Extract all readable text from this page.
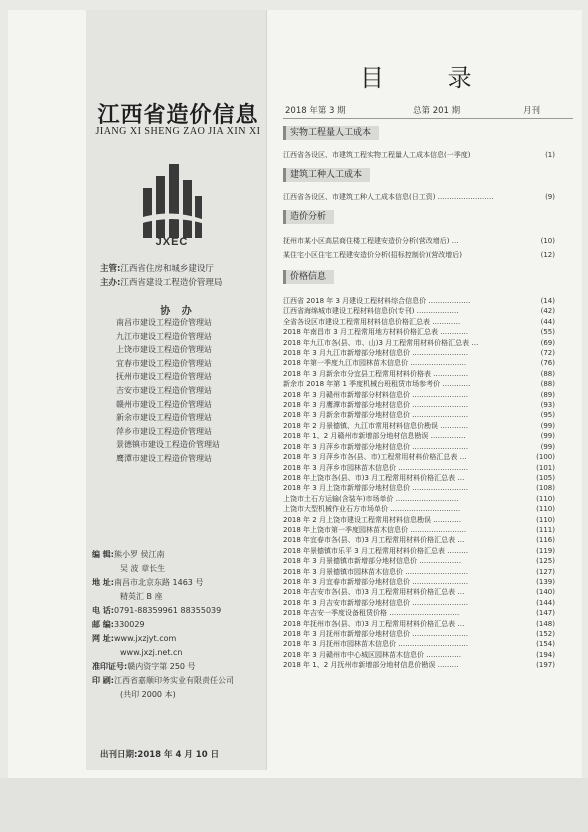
江西省造价信息
JIANG XI SHENG ZAO JIA XIN XI
JXEC
主管:江西省住房和城乡建设厅
主办:江西省建设工程造价管理局
协 办
南昌市建设工程造价管理站
九江市建设工程造价管理站
上饶市建设工程造价管理站
宜春市建设工程造价管理站
抚州市建设工程造价管理站
吉安市建设工程造价管理站
赣州市建设工程造价管理站
新余市建设工程造价管理站
萍乡市建设工程造价管理站
景德镇市建设工程造价管理站
鹰潭市建设工程造价管理站
编 辑:熊小罗 侯江南
吴 波 章长生
地 址:南昌市北京东路 1463 号
精英汇 B 座
电 话:0791-88359961 88355039
邮 编:330029
网 址:www.jxzjyt.com
www.jxzj.net.cn
准印证号:赣内资字第 250 号
印 刷:江西省嘉顺印务实业有限责任公司
(共印 2000 本)
出刊日期:2018 年 4 月 10 日
目 录
2018 年第 3 期	总第 201 期	月刊
实物工程量人工成本
江西省各设区、市建筑工程实物工程量人工成本信息(一季度)	(1)
建筑工种人工成本
江西省各设区、市建筑工种人工成本信息(日工资) ……………………	(9)
造价分析
抚州市某小区高层商住楼工程建安造价分析(营改增后) …	(10)
某住宅小区住宅工程建安造价分析(招标控制价)(营改增后)	(12)
价格信息
江西省 2018 年 3 月建设工程材料综合信息价 ………………	(14)
江西省海绵城市建设工程材料信息价(专刊) ………………	(42)
全省各设区市建设工程常用材料信息价格汇总表 …………	(44)
2018 年南昌市 3 月工程常用地方材料价格汇总表 …………	(55)
2018 年九江市各(县、市、山)3 月工程常用材料价格汇总表 …	(69)
2018 年 3 月九江市新增部分地材信息价 ……………………	(72)
2018 年第一季度九江市园林苗木信息价 ……………………	(76)
2018 年 3 月新余市分宜县工程常用材料价格表 ……………	(88)
新余市 2018 年第 1 季度机械台班租赁市场参考价 …………	(88)
2018 年 3 月赣州市新增部分材料信息价 ……………………	(89)
2018 年 3 月鹰潭市新增部分地材信息价 ……………………	(93)
2018 年 3 月新余市新增部分地材信息价 ……………………	(95)
2018 年 2 月景德镇、九江市常用材料信息价勘误 …………	(99)
2018 年 1、2 月赣州市新增部分地材信息勘误 ……………	(99)
2018 年 3 月萍乡市新增部分地材信息价 ……………………	(99)
2018 年 3 月萍乡市各(县、市)工程常用材料价格汇总表 …	(100)
2018 年 3 月萍乡市园林苗木信息价 …………………………	(101)
2018 年上饶市各(县、市)3 月工程常用材料价格汇总表 …	(105)
2018 年 3 月上饶市新增部分地材信息价 ……………………	(108)
上饶市土石方运输(含装车)市场单价 ………………………	(110)
上饶市大型机械作业石方市场单价 …………………………	(110)
2018 年 2 月上饶市建设工程常用材料信息勘误 …………	(110)
2018 年上饶市第一季度园林苗木信息价 ……………………	(111)
2018 年宜春市各(县、市)3 月工程常用材料价格汇总表 …	(116)
2018 年景德镇市乐平 3 月工程常用材料价格汇总表 ………	(119)
2018 年 3 月景德镇市新增部分地材信息价 ………………	(125)
2018 年 3 月景德镇市园林苗木信息价 ………………………	(127)
2018 年 3 月宜春市新增部分地材信息价 ……………………	(139)
2018 年吉安市各(县、市)3 月工程常用材料价格汇总表 …	(140)
2018 年 3 月吉安市新增部分地材信息价 ……………………	(144)
2018 年吉安一季度设备租赁价格 …………………………	(147)
2018 年抚州市各(县、市)3 月工程常用材料价格汇总表 …	(148)
2018 年 3 月抚州市新增部分地材信息价 ……………………	(152)
2018 年 3 月抚州市园林苗木信息价 …………………………	(154)
2018 年 3 月赣州市中心城区园林苗木信息价 ……………	(194)
2018 年 1、2 月抚州市新增部分地材信息价勘误 ………	(197)
